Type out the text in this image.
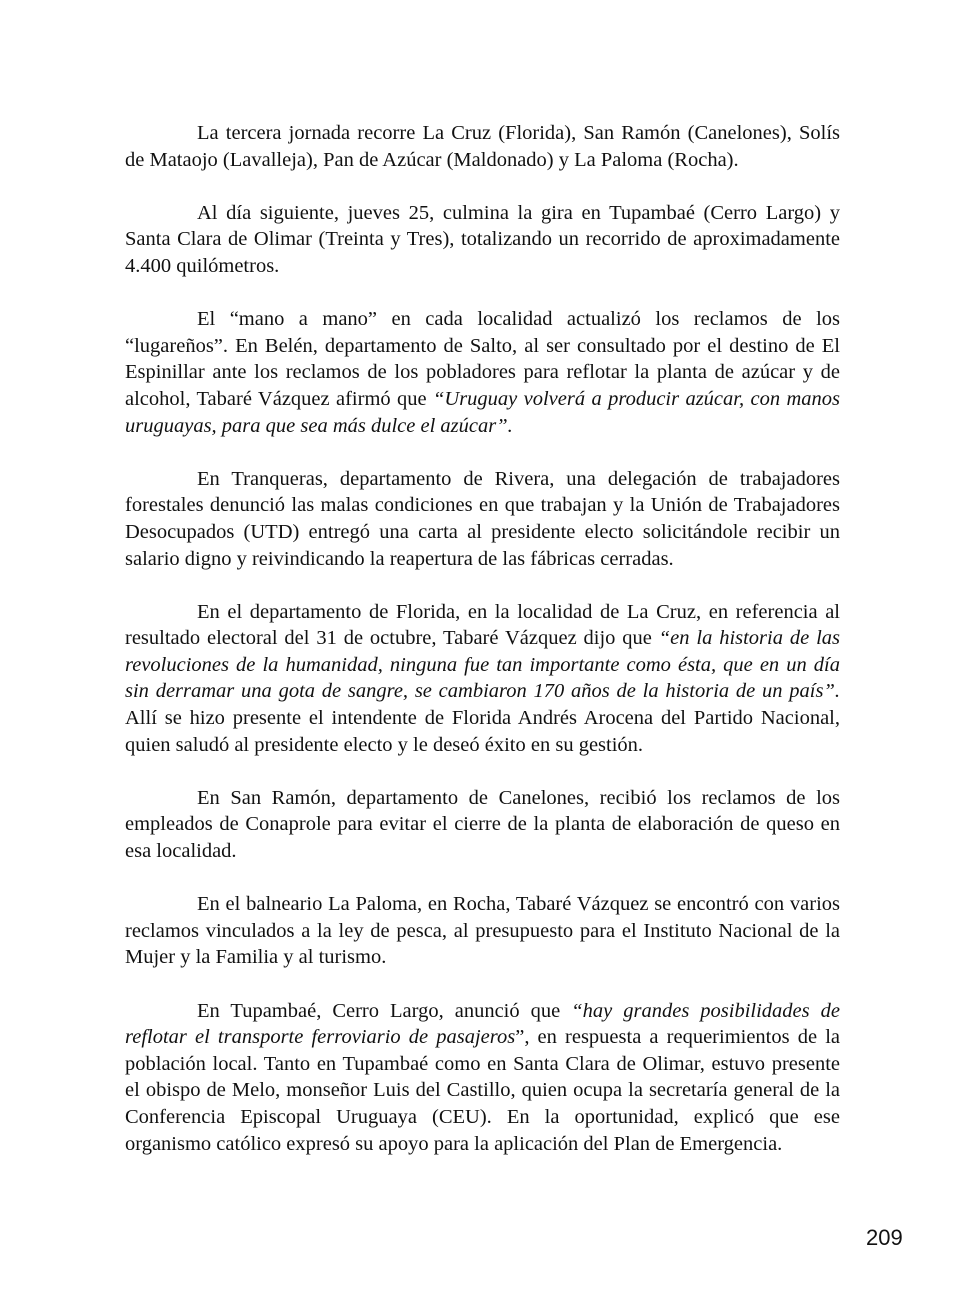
La tercera jornada recorre La Cruz (Florida), San Ramón (Canelones), Solís de Mataojo (Lavalleja), Pan de Azúcar (Maldonado) y La Paloma (Rocha).

Al día siguiente, jueves 25, culmina la gira en Tupambaé (Cerro Largo) y Santa Clara de Olimar (Treinta y Tres), totalizando un recorrido de aproximadamente 4.400 quilómetros.

El “mano a mano” en cada localidad actualizó los reclamos de los “lugareños”. En Belén, departamento de Salto, al ser consultado por el destino de El Espinillar ante los reclamos de los pobladores para reflotar la planta de azúcar y de alcohol, Tabaré Vázquez afirmó que “Uruguay volverá a producir azúcar, con manos uruguayas, para que sea más dulce el azúcar”.

En Tranqueras, departamento de Rivera, una delegación de trabajadores forestales denunció las malas condiciones en que trabajan y la Unión de Trabajadores Desocupados (UTD) entregó una carta al presidente electo solicitándole recibir un salario digno y reivindicando la reapertura de las fábricas cerradas.

En el departamento de Florida, en la localidad de La Cruz, en referencia al resultado electoral del 31 de octubre, Tabaré Vázquez dijo que “en la historia de las revoluciones de la humanidad, ninguna fue tan importante como ésta, que en un día sin derramar una gota de sangre, se cambiaron 170 años de la historia de un país”. Allí se hizo presente el intendente de Florida Andrés Arocena del Partido Nacional, quien saludó al presidente electo y le deseó éxito en su gestión.

En San Ramón, departamento de Canelones, recibió los reclamos de los empleados de Conaprole para evitar el cierre de la planta de elaboración de queso en esa localidad.

En el balneario La Paloma, en Rocha, Tabaré Vázquez se encontró con varios reclamos vinculados a la ley de pesca, al presupuesto para el Instituto Nacional de la Mujer y la Familia y al turismo.

En Tupambaé, Cerro Largo, anunció que “hay grandes posibilidades de reflotar el transporte ferroviario de pasajeros”, en respuesta a requerimientos de la población local. Tanto en Tupambaé como en Santa Clara de Olimar, estuvo presente el obispo de Melo, monseñor Luis del Castillo, quien ocupa la secretaría general de la Conferencia Episcopal Uruguaya (CEU). En la oportunidad, explicó que ese organismo católico expresó su apoyo para la aplicación del Plan de Emergencia.

209
